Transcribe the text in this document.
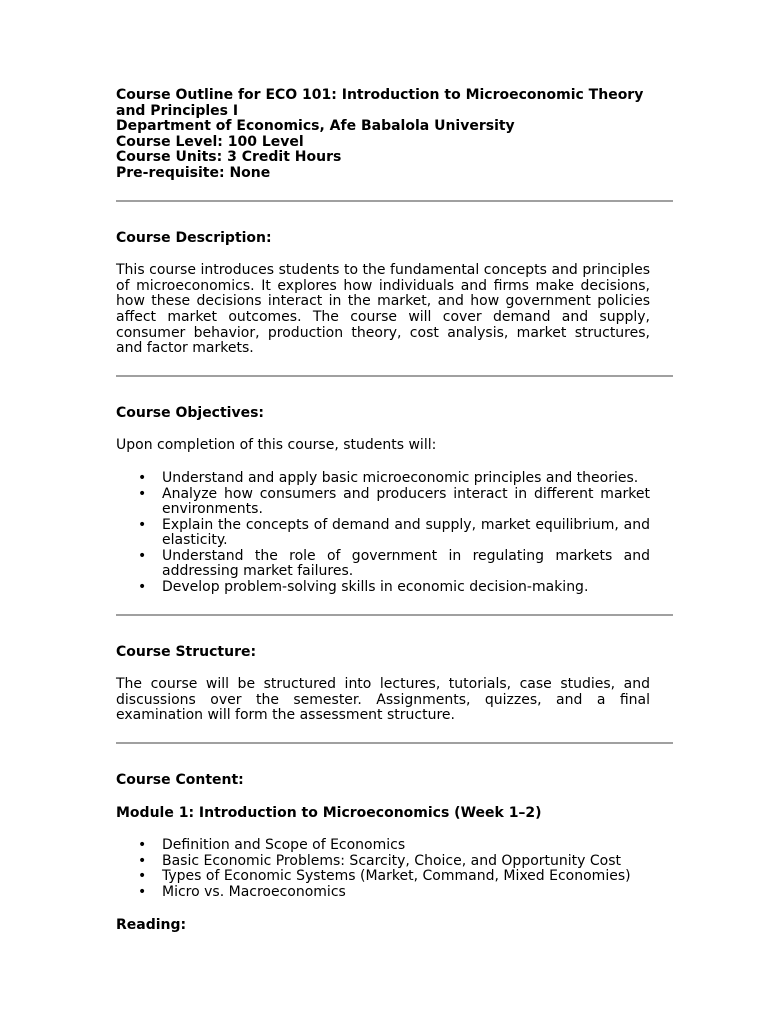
Course Outline for ECO 101: Introduction to Microeconomic Theory and Principles I

Department of Economics, Afe Babalola University

Course Level: 100 Level

Course Units: 3 Credit Hours

Pre-requisite: None

Course Description:

This course introduces students to the fundamental concepts and principles of microeconomics. It explores how individuals and firms make decisions, how these decisions interact in the market, and how government policies affect market outcomes. The course will cover demand and supply, consumer behavior, production theory, cost analysis, market structures, and factor markets.

Course Objectives:

Upon completion of this course, students will:

• Understand and apply basic microeconomic principles and theories.
• Analyze how consumers and producers interact in different market environments.
• Explain the concepts of demand and supply, market equilibrium, and elasticity.
• Understand the role of government in regulating markets and addressing market failures.
• Develop problem-solving skills in economic decision-making.
Course Structure:

The course will be structured into lectures, tutorials, case studies, and discussions over the semester. Assignments, quizzes, and a final examination will form the assessment structure.

Course Content:

Module 1: Introduction to Microeconomics (Week 1–2)

• Definition and Scope of Economics
• Basic Economic Problems: Scarcity, Choice, and Opportunity Cost
• Types of Economic Systems (Market, Command, Mixed Economies)
• Micro vs. Macroeconomics

Reading:
